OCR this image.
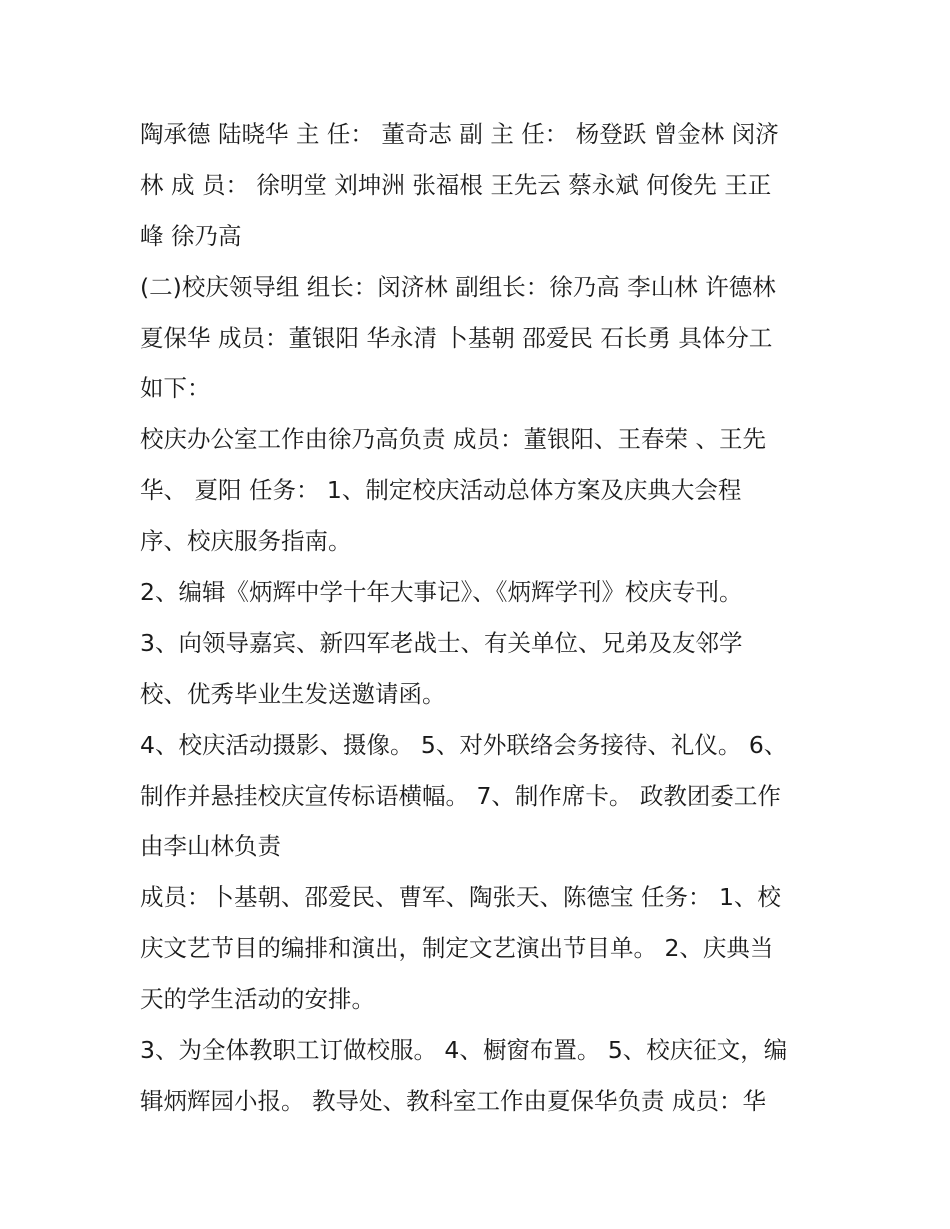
陶承德 陆晓华 主 任： 董奇志 副 主 任： 杨登跃 曾金林 闵济
林 成 员： 徐明堂 刘坤洲 张福根 王先云 蔡永斌 何俊先 王正
峰 徐乃高
(二)校庆领导组 组长：闵济林 副组长：徐乃高 李山林 许德林
夏保华 成员：董银阳 华永清 卜基朝 邵爱民 石长勇 具体分工
如下：
校庆办公室工作由徐乃高负责 成员：董银阳、王春荣 、王先
华、 夏阳 任务： 1、制定校庆活动总体方案及庆典大会程
序、校庆服务指南。
2、编辑《炳辉中学十年大事记》、《炳辉学刊》校庆专刊。
3、向领导嘉宾、新四军老战士、有关单位、兄弟及友邻学
校、优秀毕业生发送邀请函。
4、校庆活动摄影、摄像。 5、对外联络会务接待、礼仪。 6、
制作并悬挂校庆宣传标语横幅。 7、制作席卡。 政教团委工作
由李山林负责
成员：卜基朝、邵爱民、曹军、陶张天、陈德宝 任务： 1、校
庆文艺节目的编排和演出，制定文艺演出节目单。 2、庆典当
天的学生活动的安排。
3、为全体教职工订做校服。 4、橱窗布置。 5、校庆征文，编
辑炳辉园小报。 教导处、教科室工作由夏保华负责 成员：华
